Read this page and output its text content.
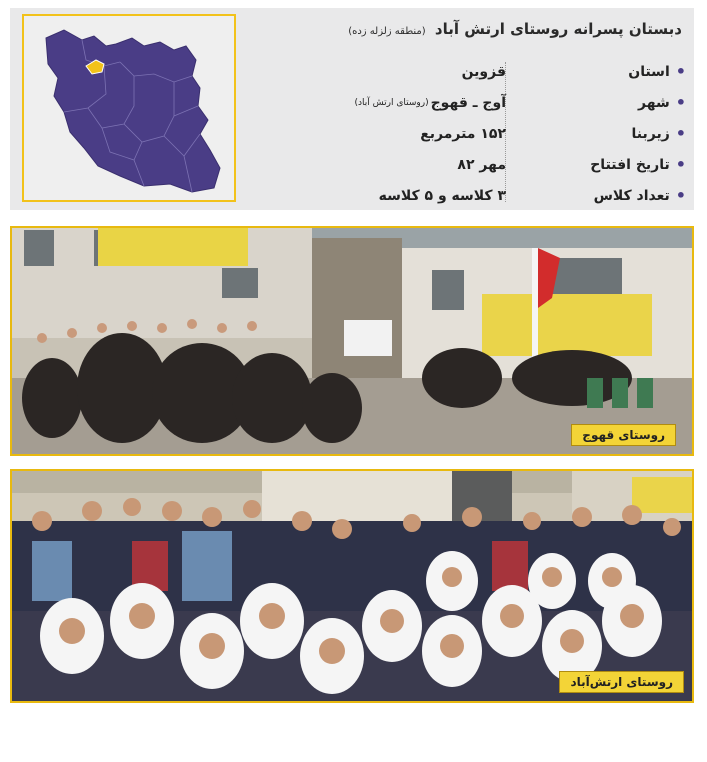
دبستان پسرانه روستای ارتش آباد (منطقه زلزله زده)
•
استان
•
شهر
•
زیربنا
•
تاریخ افتتاح
•
تعداد کلاس
قزوین
آوج ـ قهوج
(روستای ارتش آباد)
۱۵۲ مترمربع
مهر ۸۲
۳ کلاسه و ۵ کلاسه
روستای قهوج
روستای ارتش‌آباد
